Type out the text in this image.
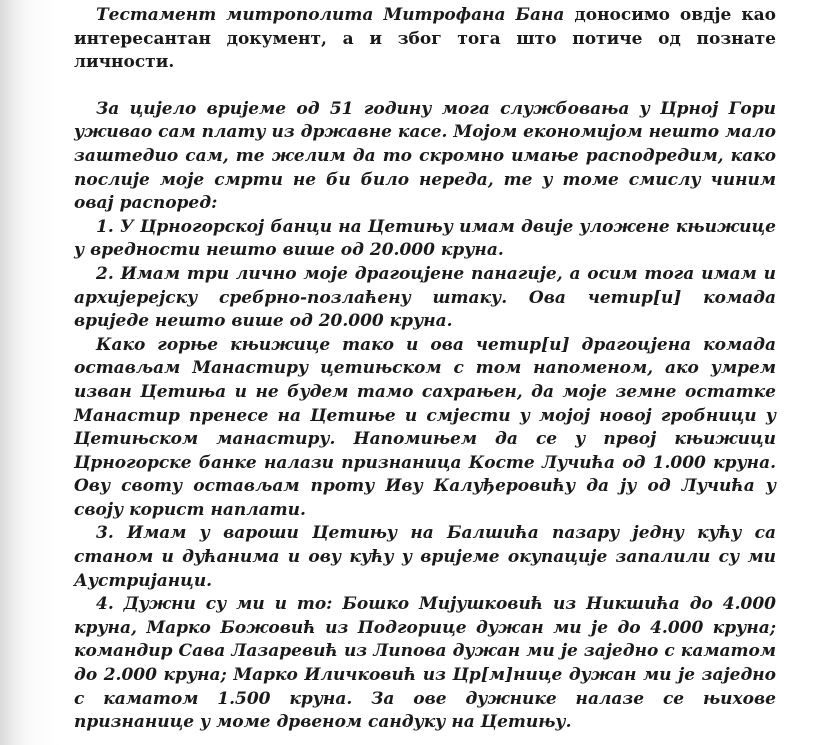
Тестамент митрополита Митрофана Бана доносимо овдје као интересантан документ, а и због тога што потиче од познате личности.

За цијело вријеме од 51 годину мога службовања у Црној Гори уживао сам плату из државне касе. Мојом економијом нешто мало заштедио сам, те желим да то скромно имање расподредим, како послије моје смрти не би било нереда, те у томе смислу чиним овај распоред:

1. У Црногорској банци на Цетињу имам двије уложене књижице у вредности нешто више од 20.000 круна.

2. Имам три лично моје драгоцјене панагије, а осим тога имам и архијерејску сребрно-позлаћену штаку. Ова четир[и] комада вриједе нешто више од 20.000 круна.

Како горње књижице тако и ова четир[и] драгоцјена комада остављам Манастиру цетињском с том напоменом, ако умрем изван Цетиња и не будем тамо сахрањен, да моје земне остатке Манастир пренесе на Цетиње и смјести у мојој новој гробници у Цетињском манастиру. Напомињем да се у првој књижици Црногорске банке налази признаница Косте Лучића од 1.000 круна. Ову своту остављам проту Иву Калуђеровићу да ју од Лучића у своју корист наплати.

3. Имам у вароши Цетињу на Балшића пазару једну кућу са станом и дућанима и ову кућу у вријеме окупације запалили су ми Аустријанци.

4. Дужни су ми и то: Бошко Мијушковић из Никшића до 4.000 круна, Марко Божовић из Подгорице дужан ми је до 4.000 круна; командир Сава Лазаревић из Липова дужан ми је заједно с каматом до 2.000 круна; Марко Иличковић из Цр[м]нице дужан ми је заједно с каматом 1.500 круна. За ове дужнике налазе се њихове признанице у моме дрвеном сандуку на Цетињу.
